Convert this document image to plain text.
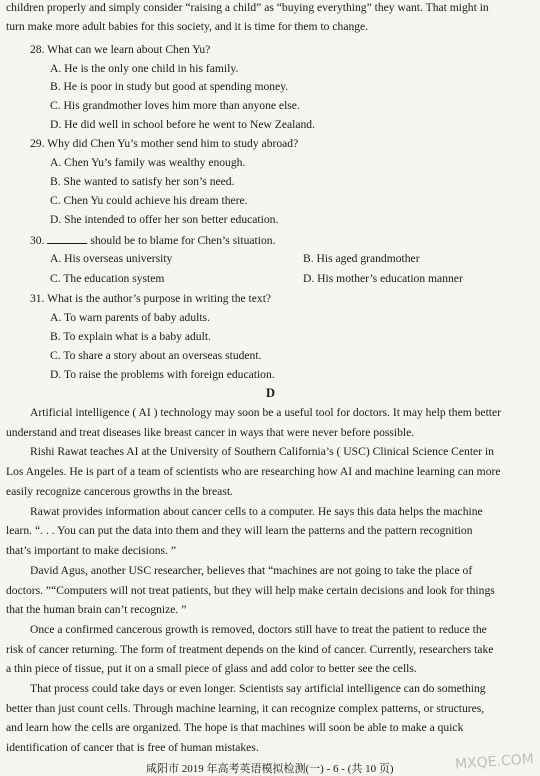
children properly and simply consider “raising a child” as “buying everything” they want. That might in
turn make more adult babies for this society, and it is time for them to change.
28. What can we learn about Chen Yu?
A. He is the only one child in his family.
B. He is poor in study but good at spending money.
C. His grandmother loves him more than anyone else.
D. He did well in school before he went to New Zealand.
29. Why did Chen Yu’s mother send him to study abroad?
A. Chen Yu’s family was wealthy enough.
B. She wanted to satisfy her son’s need.
C. Chen Yu could achieve his dream there.
D. She intended to offer her son better education.
30.	should be to blame for Chen’s situation.
A. His overseas university	B. His aged grandmother
C. The education system	D. His mother’s education manner
31. What is the author’s purpose in writing the text?
A. To warn parents of baby adults.
B. To explain what is a baby adult.
C. To share a story about an overseas student.
D. To raise the problems with foreign education.
D
Artificial intelligence ( AI ) technology may soon be a useful tool for doctors. It may help them better
understand and treat diseases like breast cancer in ways that were never before possible.
Rishi Rawat teaches AI at the University of Southern California’s ( USC) Clinical Science Center in
Los Angeles. He is part of a team of scientists who are researching how AI and machine learning can more
easily recognize cancerous growths in the breast.
Rawat provides information about cancer cells to a computer. He says this data helps the machine
learn. “. . . You can put the data into them and they will learn the patterns and the pattern recognition
that’s important to make decisions. ”
David Agus, another USC researcher, believes that “machines are not going to take the place of
doctors. ”“Computers will not treat patients, but they will help make certain decisions and look for things
that the human brain can’t recognize. ”
Once a confirmed cancerous growth is removed, doctors still have to treat the patient to reduce the
risk of cancer returning. The form of treatment depends on the kind of cancer. Currently, researchers take
a thin piece of tissue, put it on a small piece of glass and add color to better see the cells.
That process could take days or even longer. Scientists say artificial intelligence can do something
better than just count cells. Through machine learning, it can recognize complex patterns, or structures,
and learn how the cells are organized. The hope is that machines will soon be able to make a quick
identification of cancer that is free of human mistakes.
咸阳市 2019 年高考英语模拟检测(一) - 6 - (共 10 页)	MXQE.COM
